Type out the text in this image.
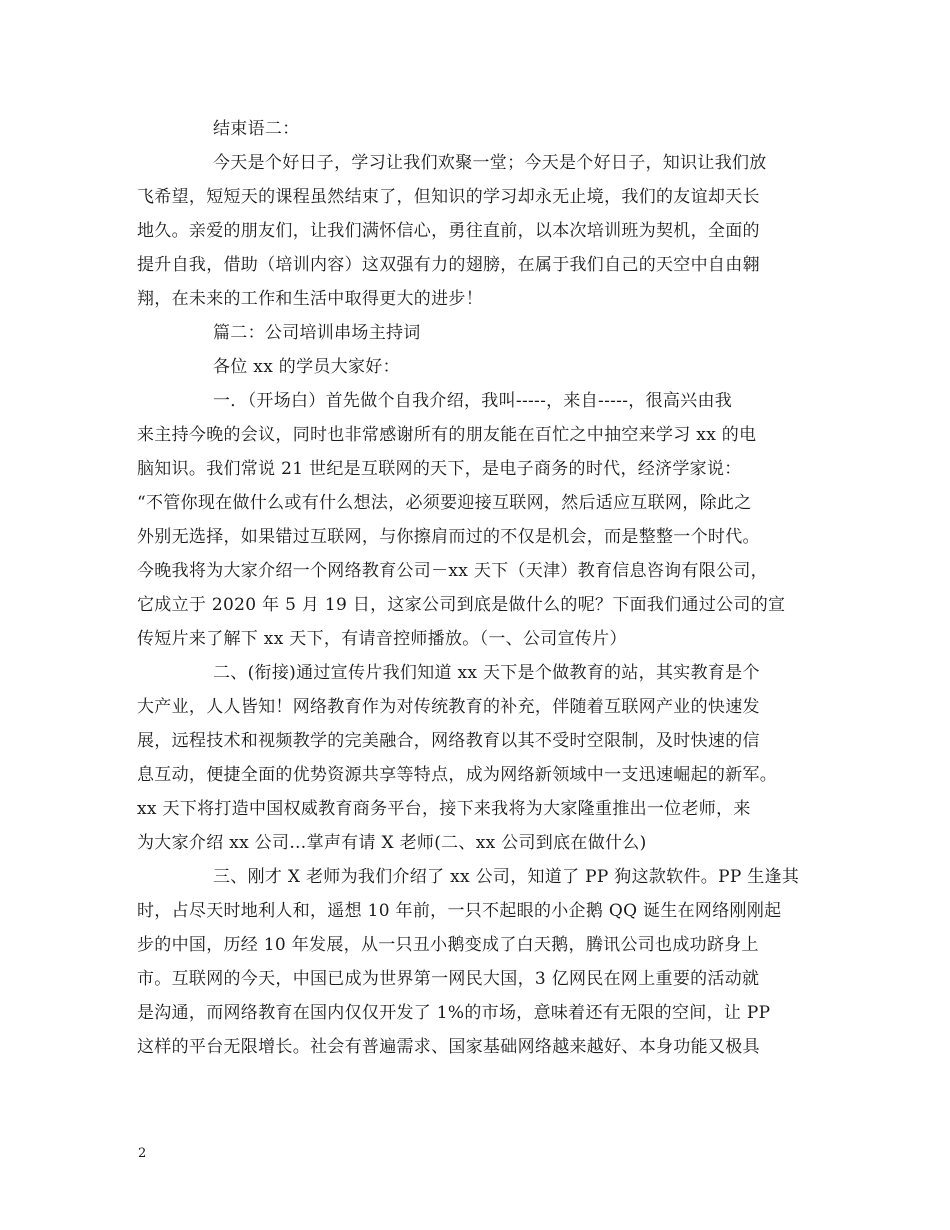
结束语二：
今天是个好日子，学习让我们欢聚一堂；今天是个好日子，知识让我们放
飞希望，短短天的课程虽然结束了，但知识的学习却永无止境，我们的友谊却天长
地久。亲爱的朋友们，让我们满怀信心，勇往直前，以本次培训班为契机，全面的
提升自我，借助（培训内容）这双强有力的翅膀，在属于我们自己的天空中自由翱
翔，在未来的工作和生活中取得更大的进步！
篇二：公司培训串场主持词
各位 xx 的学员大家好：
一．（开场白）首先做个自我介绍，我叫-----，来自-----，很高兴由我
来主持今晚的会议，同时也非常感谢所有的朋友能在百忙之中抽空来学习 xx 的电
脑知识。我们常说 21 世纪是互联网的天下，是电子商务的时代，经济学家说：
“不管你现在做什么或有什么想法，必须要迎接互联网，然后适应互联网，除此之
外别无选择，如果错过互联网，与你擦肩而过的不仅是机会，而是整整一个时代。
今晚我将为大家介绍一个网络教育公司－xx 天下（天津）教育信息咨询有限公司，
它成立于 2020 年 5 月 19 日，这家公司到底是做什么的呢？下面我们通过公司的宣
传短片来了解下 xx 天下，有请音控师播放。（一、公司宣传片）
二、(衔接)通过宣传片我们知道 xx 天下是个做教育的站，其实教育是个
大产业，人人皆知！网络教育作为对传统教育的补充，伴随着互联网产业的快速发
展，远程技术和视频教学的完美融合，网络教育以其不受时空限制，及时快速的信
息互动，便捷全面的优势资源共享等特点，成为网络新领域中一支迅速崛起的新军。
xx 天下将打造中国权威教育商务平台，接下来我将为大家隆重推出一位老师，来
为大家介绍 xx 公司…掌声有请 X 老师(二、xx 公司到底在做什么)
三、刚才 X 老师为我们介绍了 xx 公司，知道了 PP 狗这款软件。PP 生逢其
时，占尽天时地利人和，遥想 10 年前，一只不起眼的小企鹅 QQ 诞生在网络刚刚起
步的中国，历经 10 年发展，从一只丑小鹅变成了白天鹅，腾讯公司也成功跻身上
市。互联网的今天，中国已成为世界第一网民大国，3 亿网民在网上重要的活动就
是沟通，而网络教育在国内仅仅开发了 1%的市场，意味着还有无限的空间，让 PP
这样的平台无限增长。社会有普遍需求、国家基础网络越来越好、本身功能又极具
2
